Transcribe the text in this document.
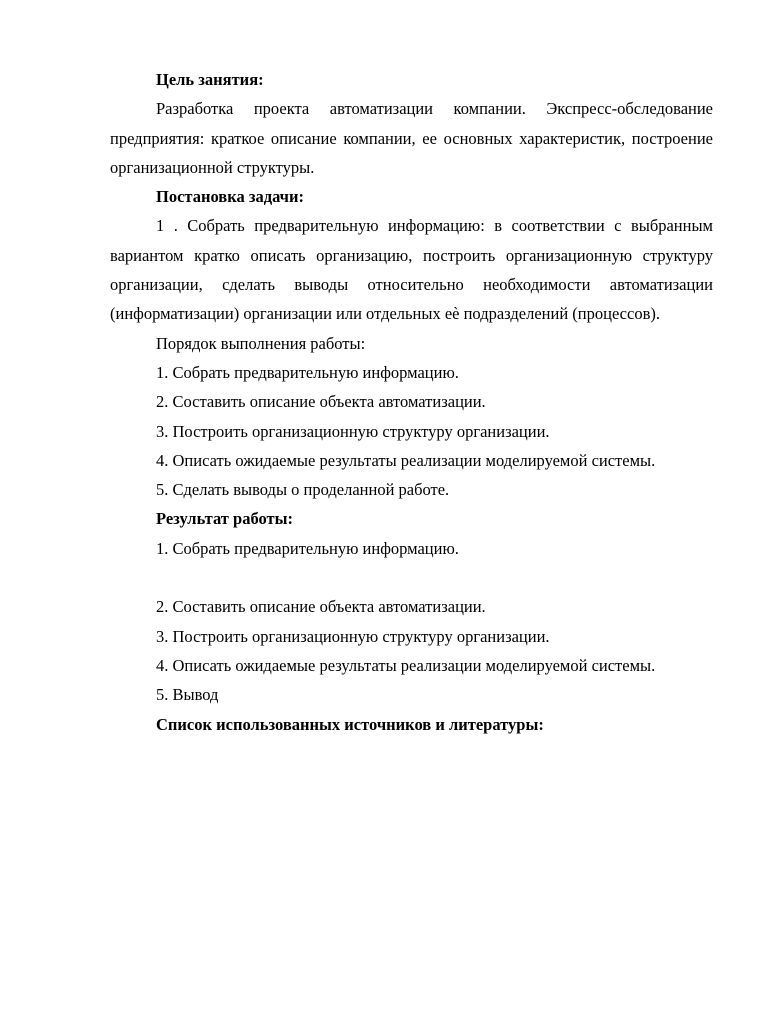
Цель занятия:

Разработка проекта автоматизации компании. Экспресс-обследование предприятия: краткое описание компании, ее основных характеристик, построение организационной структуры.

Постановка задачи:

1 . Собрать предварительную информацию: в соответствии с выбранным вариантом кратко описать организацию, построить организационную структуру организации, сделать выводы относительно необходимости автоматизации (информатизации) организации или отдельных eè подразделений (процессов).

Порядок выполнения работы:

1. Собрать предварительную информацию.

2. Составить описание объекта автоматизации.

3. Построить организационную структуру организации.

4. Описать ожидаемые результаты реализации моделируемой системы.

5. Сделать выводы о проделанной работе.

Результат работы:

1. Собрать предварительную информацию.

2. Составить описание объекта автоматизации.

3. Построить организационную структуру организации.

4. Описать ожидаемые результаты реализации моделируемой системы.

5. Вывод

Список использованных источников и литературы:
